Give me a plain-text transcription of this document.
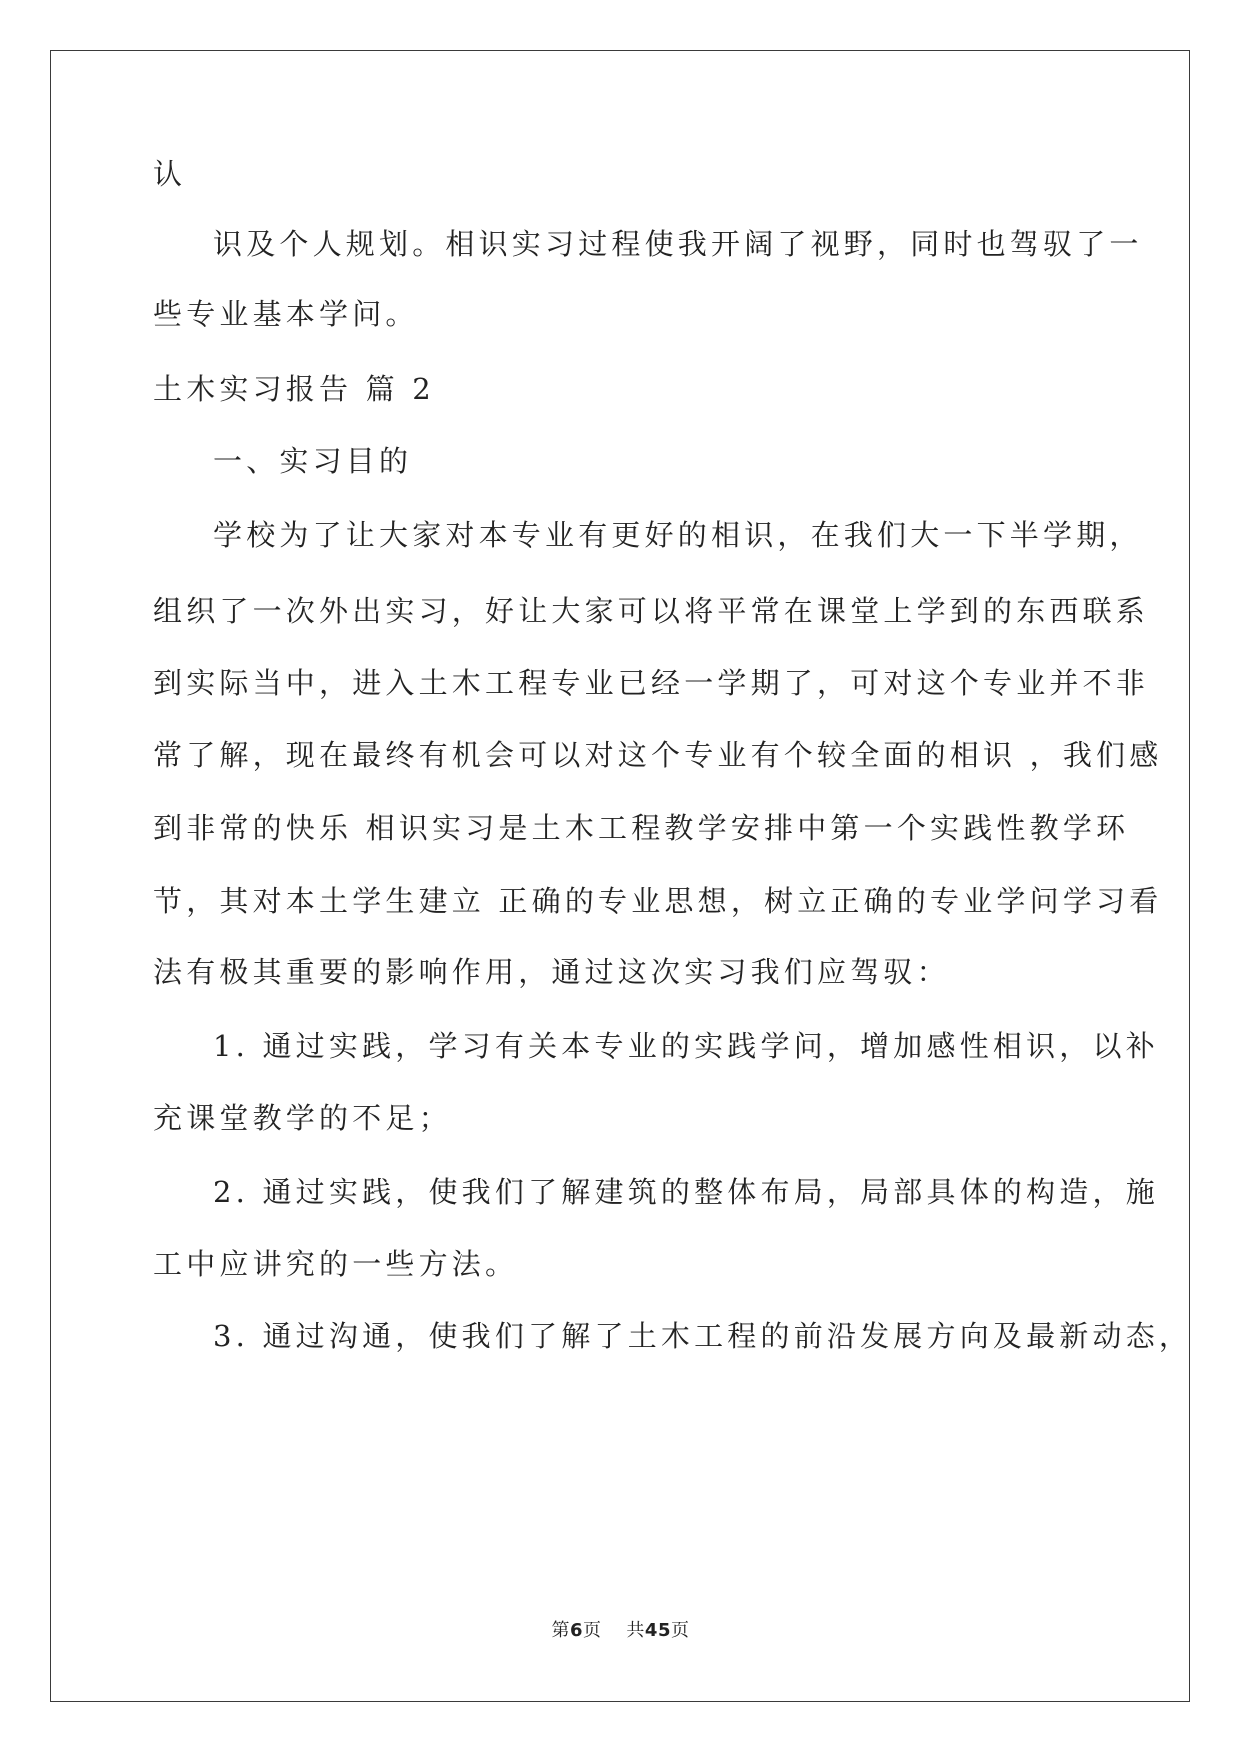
认
识及个人规划。相识实习过程使我开阔了视野，同时也驾驭了一
些专业基本学问。
土木实习报告 篇 2
一、实习目的
学校为了让大家对本专业有更好的相识，在我们大一下半学期，
组织了一次外出实习，好让大家可以将平常在课堂上学到的东西联系
到实际当中，进入土木工程专业已经一学期了，可对这个专业并不非
常了解，现在最终有机会可以对这个专业有个较全面的相识 ，我们感
到非常的快乐 相识实习是土木工程教学安排中第一个实践性教学环
节，其对本土学生建立 正确的专业思想，树立正确的专业学问学习看
法有极其重要的影响作用，通过这次实习我们应驾驭：
1. 通过实践，学习有关本专业的实践学问，增加感性相识，以补
充课堂教学的不足；
2. 通过实践，使我们了解建筑的整体布局，局部具体的构造，施
工中应讲究的一些方法。
3. 通过沟通，使我们了解了土木工程的前沿发展方向及最新动态，
第6页 共45页
